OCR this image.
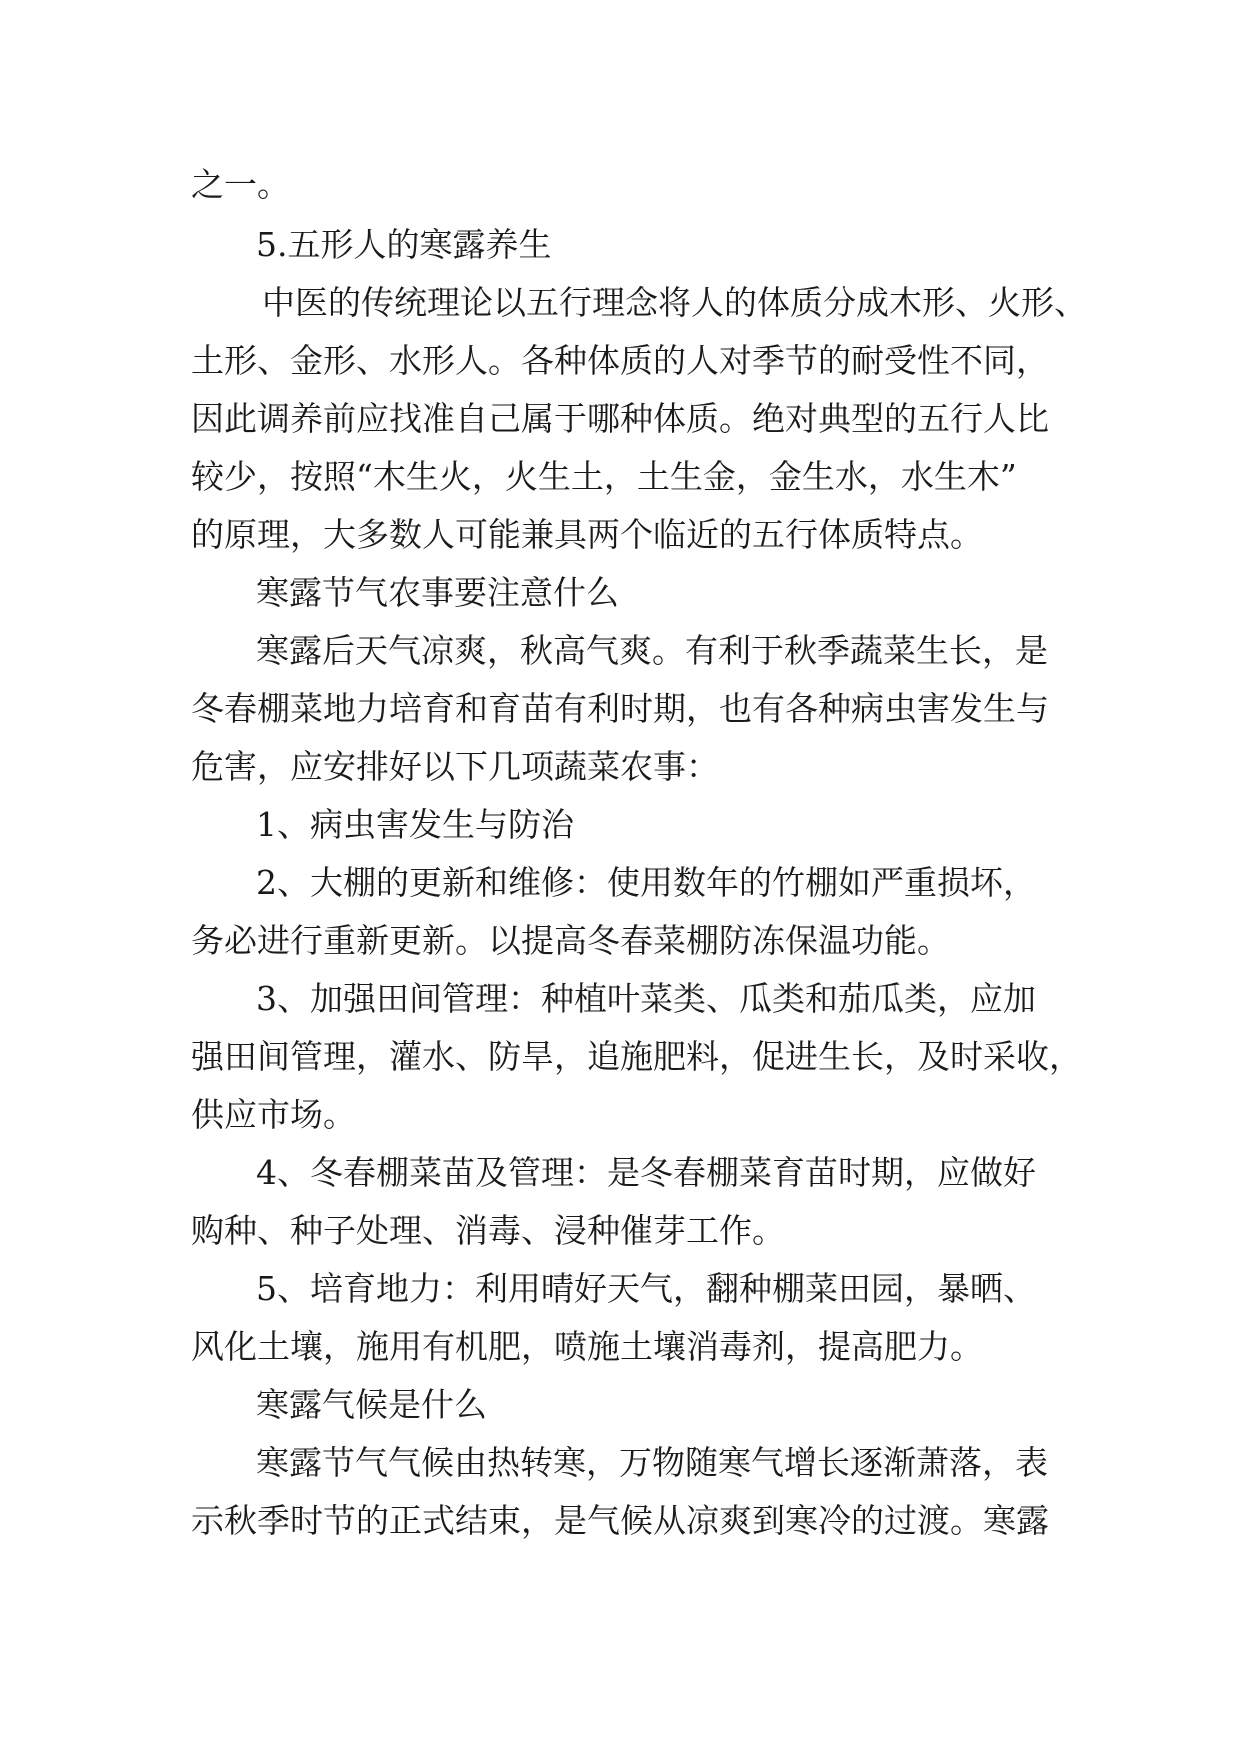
之一。
5.五形人的寒露养生
中医的传统理论以五行理念将人的体质分成木形、火形、
土形、金形、水形人。各种体质的人对季节的耐受性不同，
因此调养前应找准自己属于哪种体质。绝对典型的五行人比
较少，按照“木生火，火生土，土生金，金生水，水生木”
的原理，大多数人可能兼具两个临近的五行体质特点。
寒露节气农事要注意什么
寒露后天气凉爽，秋高气爽。有利于秋季蔬菜生长，是
冬春棚菜地力培育和育苗有利时期，也有各种病虫害发生与
危害，应安排好以下几项蔬菜农事：
1、病虫害发生与防治
2、大棚的更新和维修：使用数年的竹棚如严重损坏，
务必进行重新更新。以提高冬春菜棚防冻保温功能。
3、加强田间管理：种植叶菜类、瓜类和茄瓜类，应加
强田间管理，灌水、防旱，追施肥料，促进生长，及时采收，
供应市场。
4、冬春棚菜苗及管理：是冬春棚菜育苗时期，应做好
购种、种子处理、消毒、浸种催芽工作。
5、培育地力：利用晴好天气，翻种棚菜田园，暴晒、
风化土壤，施用有机肥，喷施土壤消毒剂，提高肥力。
寒露气候是什么
寒露节气气候由热转寒，万物随寒气增长逐渐萧落，表
示秋季时节的正式结束，是气候从凉爽到寒冷的过渡。寒露
